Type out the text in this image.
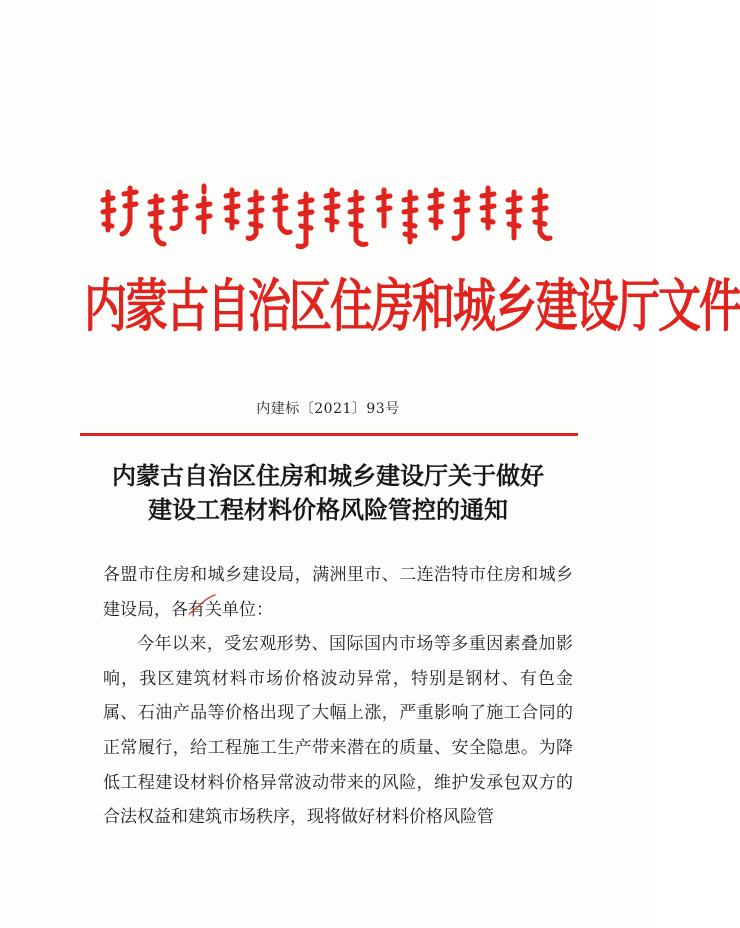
内蒙古自治区住房和城乡建设厅文件
内建标〔2021〕93号
内蒙古自治区住房和城乡建设厅关于做好
建设工程材料价格风险管控的通知

各盟市住房和城乡建设局，满洲里市、二连浩特市住房和城乡建设局，各有关单位：

今年以来，受宏观形势、国际国内市场等多重因素叠加影响，我区建筑材料市场价格波动异常，特别是钢材、有色金属、石油产品等价格出现了大幅上涨，严重影响了施工合同的正常履行，给工程施工生产带来潜在的质量、安全隐患。为降低工程建设材料价格异常波动带来的风险，维护发承包双方的合法权益和建筑市场秩序，现将做好材料价格风险管
